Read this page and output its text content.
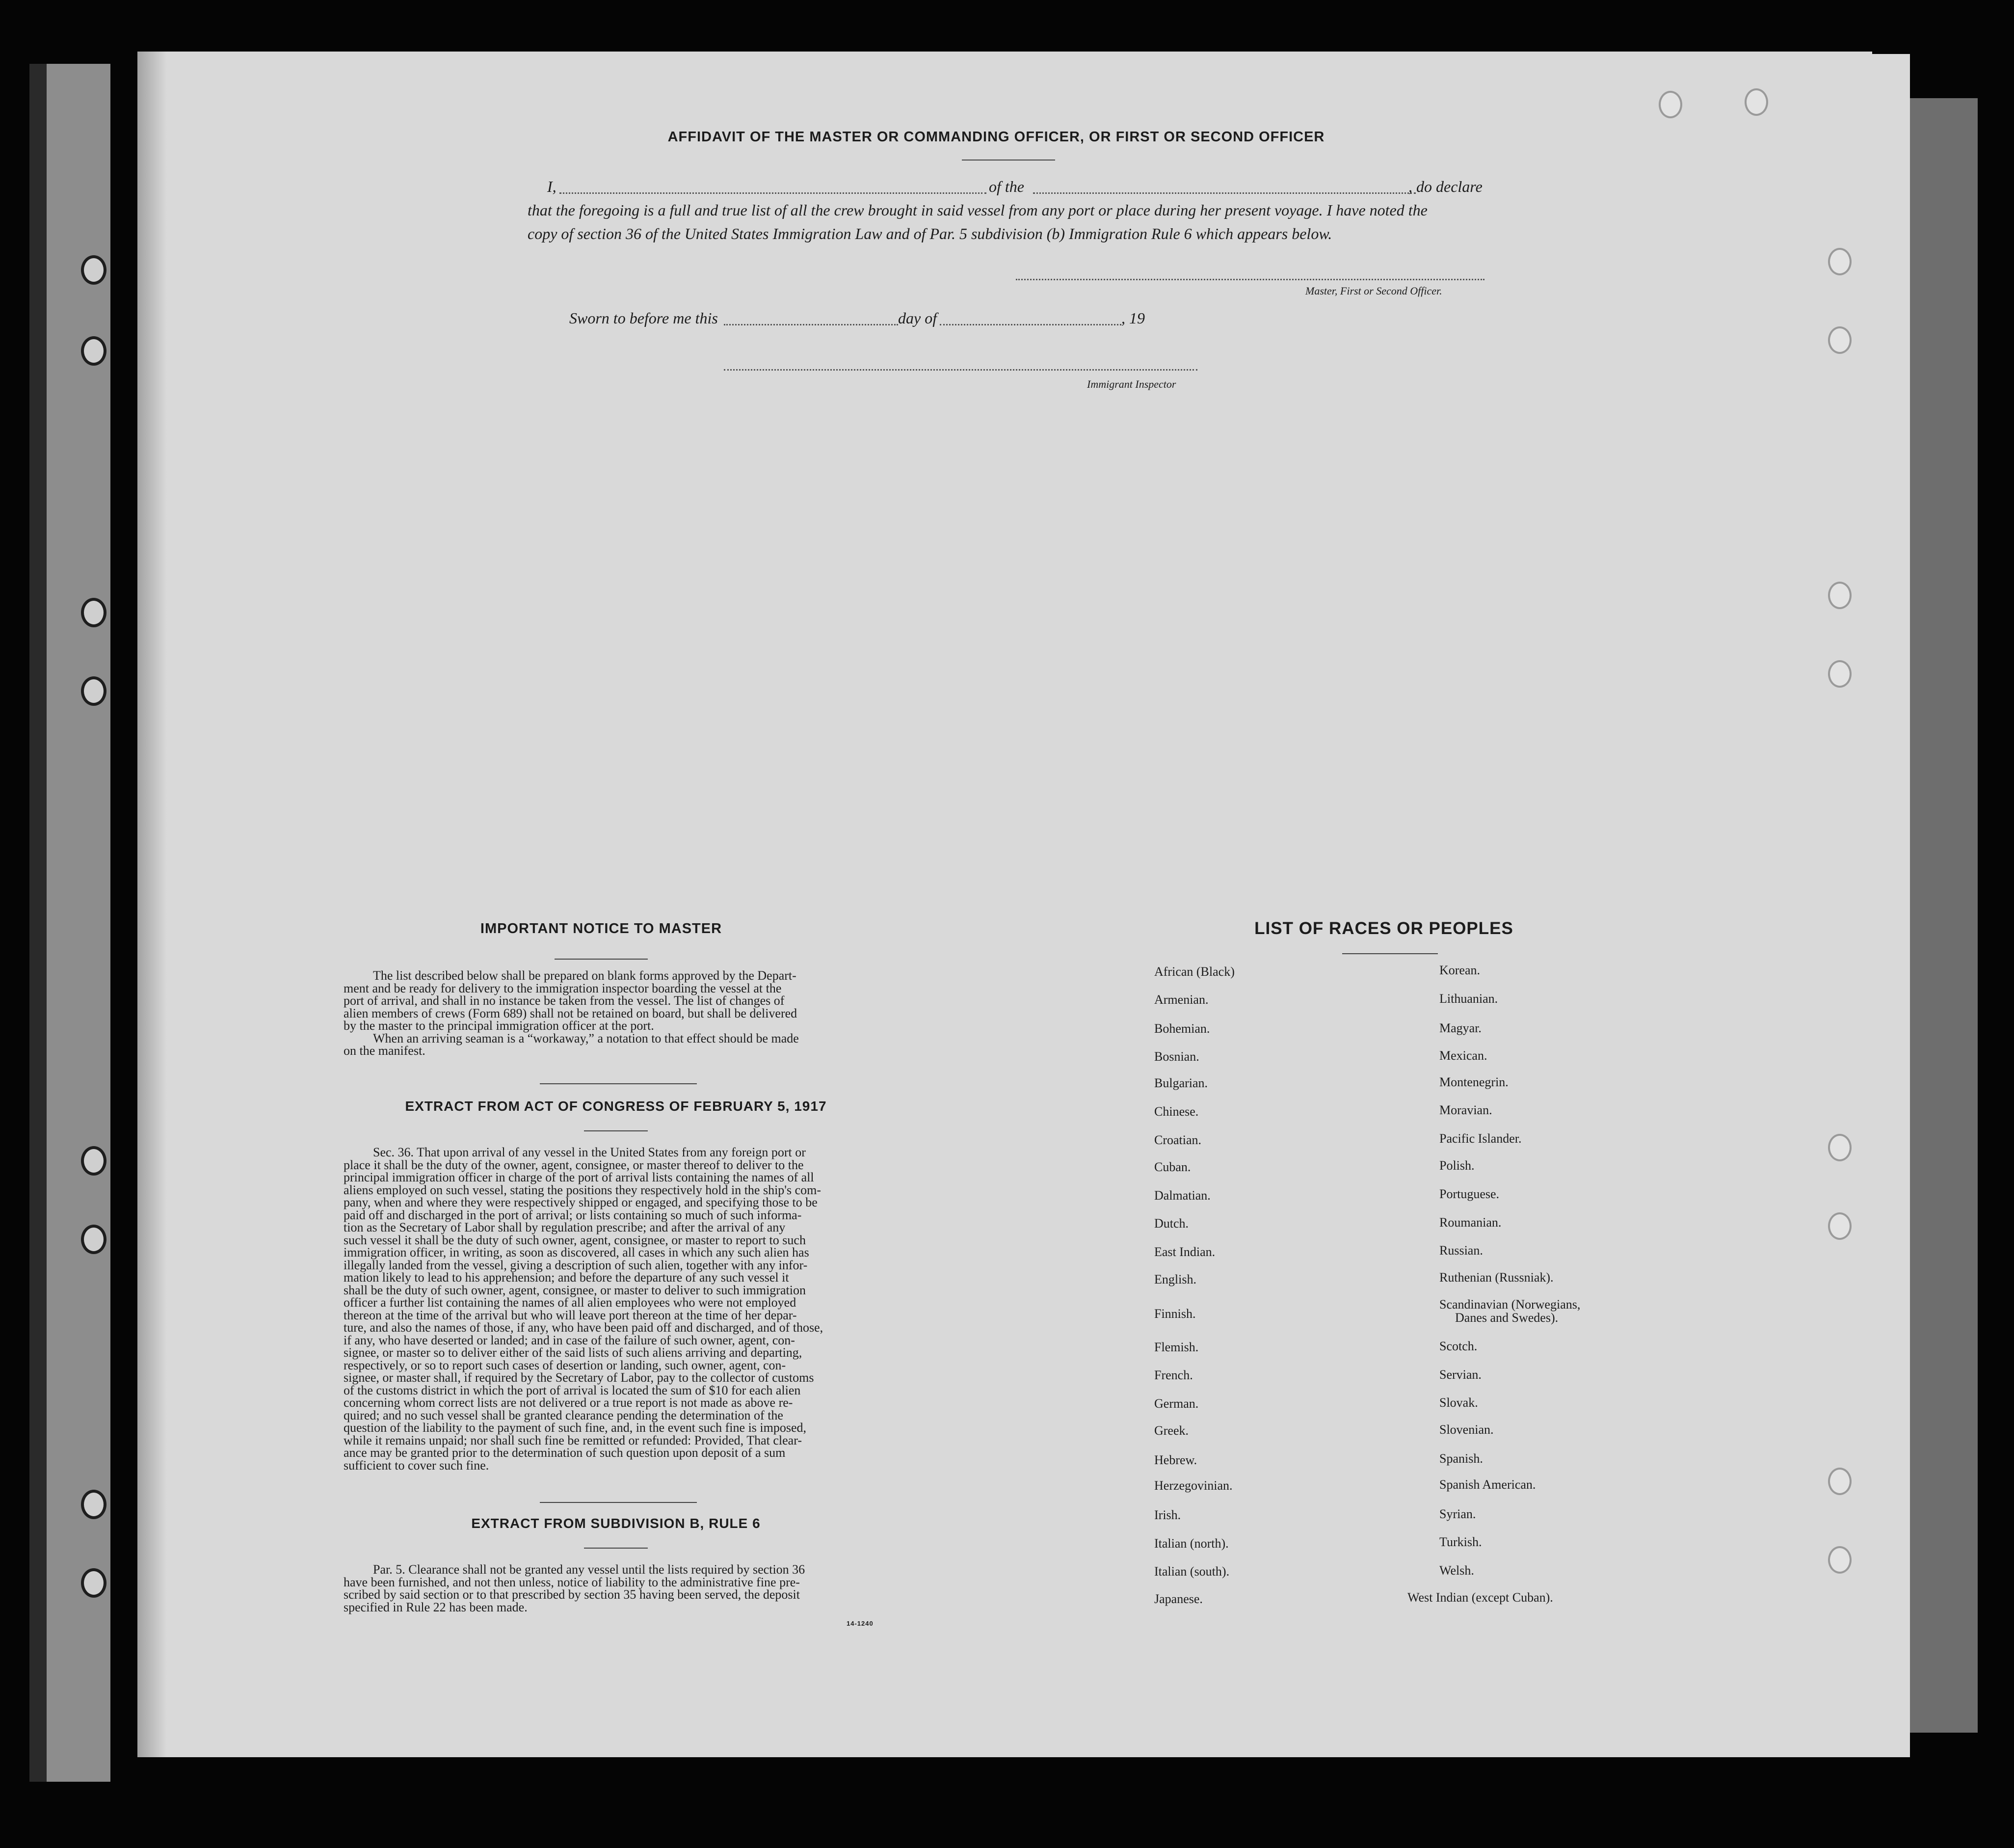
AFFIDAVIT OF THE MASTER OR COMMANDING OFFICER, OR FIRST OR SECOND OFFICER
I,	of the	, do declare
that the foregoing is a full and true list of all the crew brought in said vessel from any port or place during her present voyage. I have noted the
copy of section 36 of the United States Immigration Law and of Par. 5 subdivision (b) Immigration Rule 6 which appears below.
Master, First or Second Officer.
Sworn to before me this	day of	, 19
Immigrant Inspector
IMPORTANT NOTICE TO MASTER
The list described below shall be prepared on blank forms approved by the Depart-
ment and be ready for delivery to the immigration inspector boarding the vessel at the
port of arrival, and shall in no instance be taken from the vessel. The list of changes of
alien members of crews (Form 689) shall not be retained on board, but shall be delivered
by the master to the principal immigration officer at the port.
When an arriving seaman is a “workaway,” a notation to that effect should be made
on the manifest.
EXTRACT FROM ACT OF CONGRESS OF FEBRUARY 5, 1917
Sec. 36. That upon arrival of any vessel in the United States from any foreign port or
place it shall be the duty of the owner, agent, consignee, or master thereof to deliver to the
principal immigration officer in charge of the port of arrival lists containing the names of all
aliens employed on such vessel, stating the positions they respectively hold in the ship's com-
pany, when and where they were respectively shipped or engaged, and specifying those to be
paid off and discharged in the port of arrival; or lists containing so much of such informa-
tion as the Secretary of Labor shall by regulation prescribe; and after the arrival of any
such vessel it shall be the duty of such owner, agent, consignee, or master to report to such
immigration officer, in writing, as soon as discovered, all cases in which any such alien has
illegally landed from the vessel, giving a description of such alien, together with any infor-
mation likely to lead to his apprehension; and before the departure of any such vessel it
shall be the duty of such owner, agent, consignee, or master to deliver to such immigration
officer a further list containing the names of all alien employees who were not employed
thereon at the time of the arrival but who will leave port thereon at the time of her depar-
ture, and also the names of those, if any, who have been paid off and discharged, and of those,
if any, who have deserted or landed; and in case of the failure of such owner, agent, con-
signee, or master so to deliver either of the said lists of such aliens arriving and departing,
respectively, or so to report such cases of desertion or landing, such owner, agent, con-
signee, or master shall, if required by the Secretary of Labor, pay to the collector of customs
of the customs district in which the port of arrival is located the sum of $10 for each alien
concerning whom correct lists are not delivered or a true report is not made as above re-
quired; and no such vessel shall be granted clearance pending the determination of the
question of the liability to the payment of such fine, and, in the event such fine is imposed,
while it remains unpaid; nor shall such fine be remitted or refunded: Provided, That clear-
ance may be granted prior to the determination of such question upon deposit of a sum
sufficient to cover such fine.
EXTRACT FROM SUBDIVISION B, RULE 6
Par. 5. Clearance shall not be granted any vessel until the lists required by section 36
have been furnished, and not then unless, notice of liability to the administrative fine pre-
scribed by said section or to that prescribed by section 35 having been served, the deposit
specified in Rule 22 has been made.
14-1240
LIST OF RACES OR PEOPLES
African (Black)
Armenian.
Bohemian.
Bosnian.
Bulgarian.
Chinese.
Croatian.
Cuban.
Dalmatian.
Dutch.
East Indian.
English.
Finnish.
Flemish.
French.
German.
Greek.
Hebrew.
Herzegovinian.
Irish.
Italian (north).
Italian (south).
Japanese.
Korean.
Lithuanian.
Magyar.
Mexican.
Montenegrin.
Moravian.
Pacific Islander.
Polish.
Portuguese.
Roumanian.
Russian.
Ruthenian (Russniak).
Scandinavian (Norwegians,
Danes and Swedes).
Scotch.
Servian.
Slovak.
Slovenian.
Spanish.
Spanish American.
Syrian.
Turkish.
Welsh.
West Indian (except Cuban).
